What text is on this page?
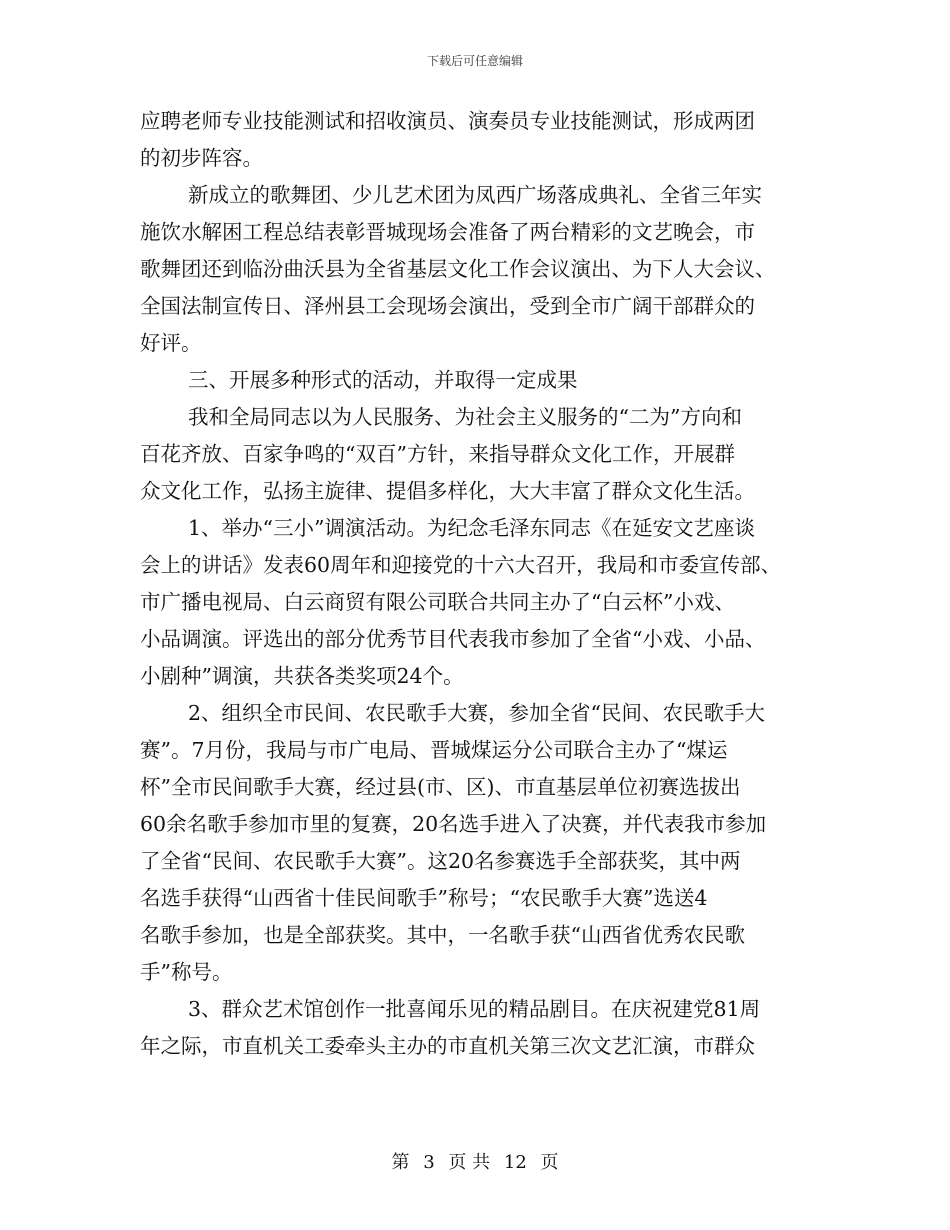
下载后可任意编辑
应聘老师专业技能测试和招收演员、演奏员专业技能测试，形成两团
的初步阵容。
新成立的歌舞团、少儿艺术团为凤西广场落成典礼、全省三年实
施饮水解困工程总结表彰晋城现场会准备了两台精彩的文艺晚会，市
歌舞团还到临汾曲沃县为全省基层文化工作会议演出、为下人大会议、
全国法制宣传日、泽州县工会现场会演出，受到全市广阔干部群众的
好评。
三、开展多种形式的活动，并取得一定成果
我和全局同志以为人民服务、为社会主义服务的“二为”方向和
百花齐放、百家争鸣的“双百”方针，来指导群众文化工作，开展群
众文化工作，弘扬主旋律、提倡多样化，大大丰富了群众文化生活。
1、举办“三小”调演活动。为纪念毛泽东同志《在延安文艺座谈
会上的讲话》发表60周年和迎接党的十六大召开，我局和市委宣传部、
市广播电视局、白云商贸有限公司联合共同主办了“白云杯”小戏、
小品调演。评选出的部分优秀节目代表我市参加了全省“小戏、小品、
小剧种”调演，共获各类奖项24个。
2、组织全市民间、农民歌手大赛，参加全省“民间、农民歌手大
赛”。7月份，我局与市广电局、晋城煤运分公司联合主办了“煤运
杯”全市民间歌手大赛，经过县(市、区)、市直基层单位初赛选拔出
60余名歌手参加市里的复赛，20名选手进入了决赛，并代表我市参加
了全省“民间、农民歌手大赛”。这20名参赛选手全部获奖，其中两
名选手获得“山西省十佳民间歌手”称号；“农民歌手大赛”选送4
名歌手参加，也是全部获奖。其中，一名歌手获“山西省优秀农民歌
手”称号。
3、群众艺术馆创作一批喜闻乐见的精品剧目。在庆祝建党81周
年之际，市直机关工委牵头主办的市直机关第三次文艺汇演，市群众
第 3 页 共 12 页
